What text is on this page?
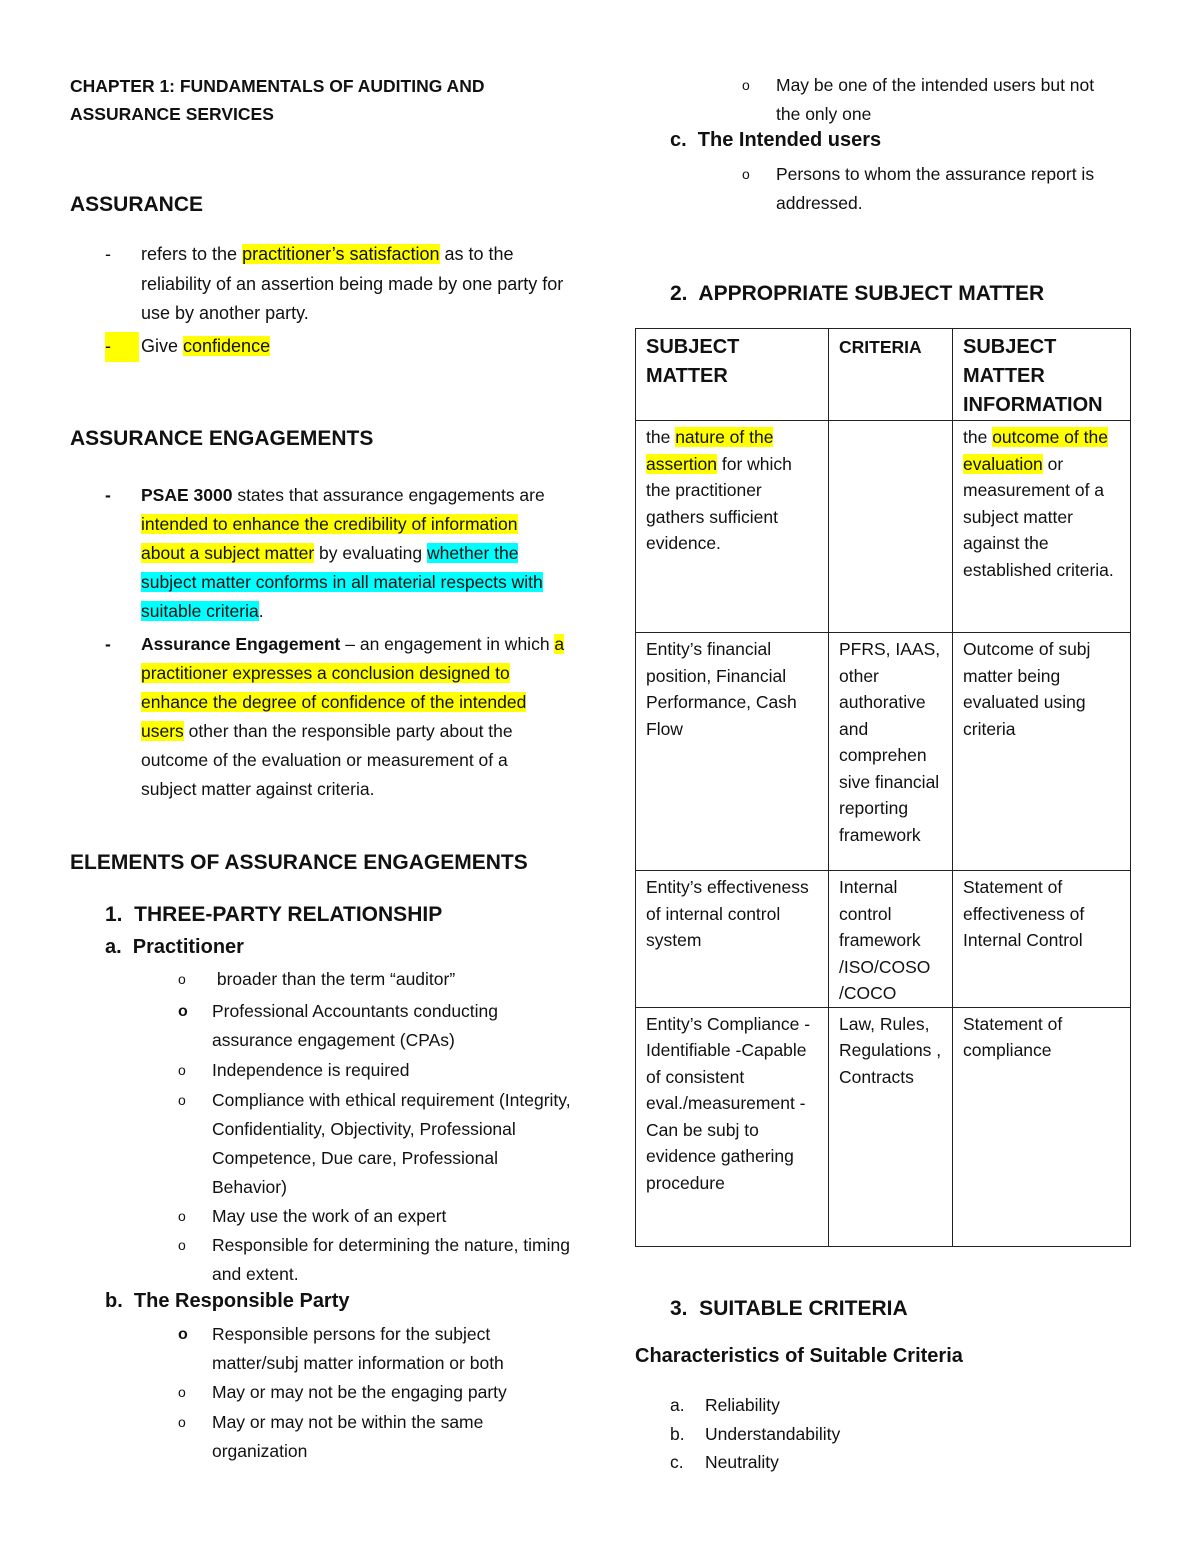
CHAPTER 1: FUNDAMENTALS OF AUDITING AND
ASSURANCE SERVICES
ASSURANCE
-	refers to the practitioner’s satisfaction as to the reliability of an assertion being made by one party for use by another party.
-	Give confidence
ASSURANCE ENGAGEMENTS
-	PSAE 3000 states that assurance engagements are intended to enhance the credibility of information about a subject matter by evaluating whether the subject matter conforms in all material respects with suitable criteria.
-	Assurance Engagement – an engagement in which a practitioner expresses a conclusion designed to enhance the degree of confidence of the intended users other than the responsible party about the outcome of the evaluation or measurement of a subject matter against criteria.
ELEMENTS OF ASSURANCE ENGAGEMENTS
1.  THREE-PARTY RELATIONSHIP
a.  Practitioner
o	broader than the term “auditor”
o	Professional Accountants conducting assurance engagement (CPAs)
o	Independence is required
o	Compliance with ethical requirement (Integrity, Confidentiality, Objectivity, Professional Competence, Due care, Professional Behavior)
o	May use the work of an expert
o	Responsible for determining the nature, timing and extent.
b.  The Responsible Party
o	Responsible persons for the subject matter/subj matter information or both
o	May or may not be the engaging party
o	May or may not be within the same organization
o	May be one of the intended users but not the only one
c.  The Intended users
o	Persons to whom the assurance report is addressed.
2.  APPROPRIATE SUBJECT MATTER
SUBJECT MATTER	CRITERIA	SUBJECT MATTER INFORMATION
the nature of the assertion for which the practitioner gathers sufficient evidence.		the outcome of the evaluation or measurement of a subject matter against the established criteria.
Entity’s financial position, Financial Performance, Cash Flow	PFRS, IAAS, other authorative and comprehen sive financial reporting framework	Outcome of subj matter being evaluated using criteria
Entity’s effectiveness of internal control system	Internal control framework /ISO/COSO /COCO	Statement of effectiveness of Internal Control
Entity’s Compliance -Identifiable -Capable of consistent eval./measurement -Can be subj to evidence gathering procedure	Law, Rules, Regulations , Contracts	Statement of compliance
3.  SUITABLE CRITERIA
Characteristics of Suitable Criteria
a. Reliability
b. Understandability
c. Neutrality
